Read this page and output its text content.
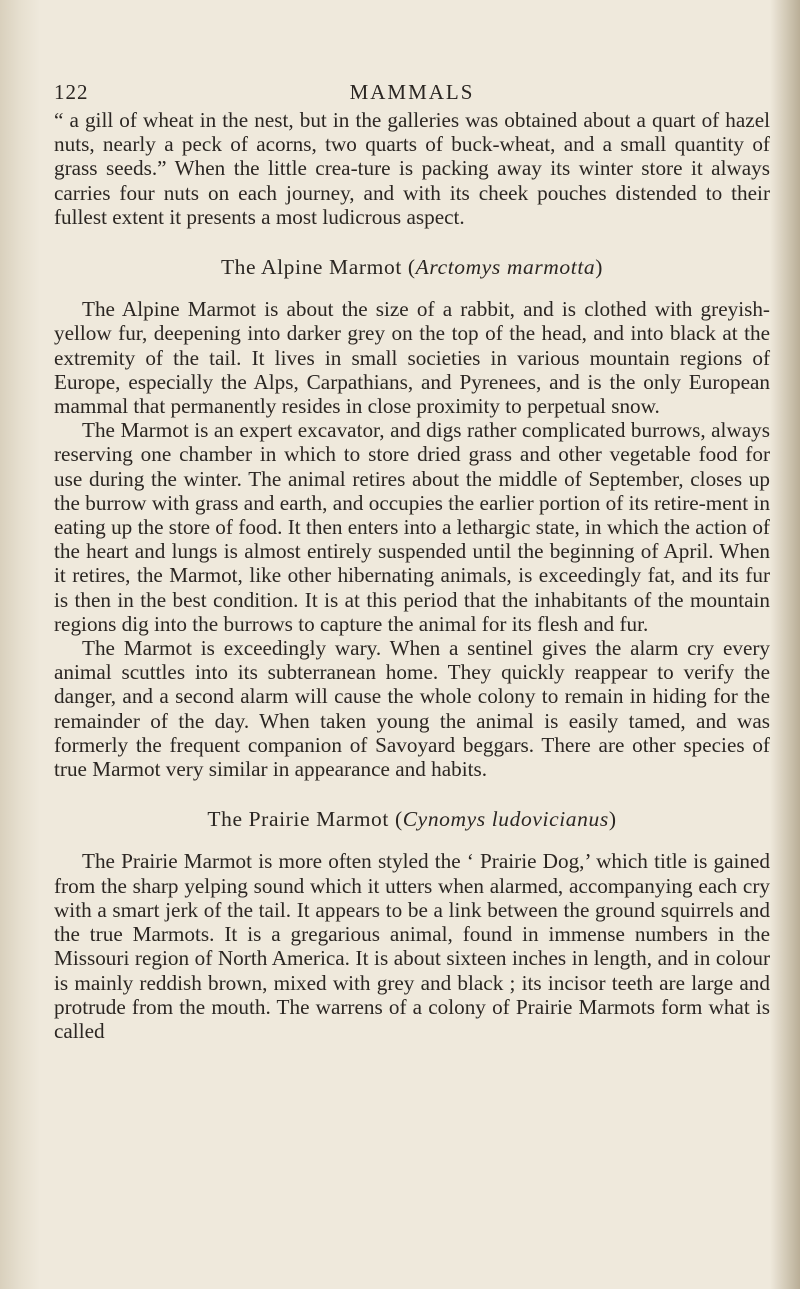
122	MAMMALS

“ a gill of wheat in the nest, but in the galleries was obtained about a quart of hazel nuts, nearly a peck of acorns, two quarts of buck-wheat, and a small quantity of grass seeds.” When the little crea-ture is packing away its winter store it always carries four nuts on each journey, and with its cheek pouches distended to their fullest extent it presents a most ludicrous aspect.

The Alpine Marmot (Arctomys marmotta)

The Alpine Marmot is about the size of a rabbit, and is clothed with greyish-yellow fur, deepening into darker grey on the top of the head, and into black at the extremity of the tail. It lives in small societies in various mountain regions of Europe, especially the Alps, Carpathians, and Pyrenees, and is the only European mammal that permanently resides in close proximity to perpetual snow.

The Marmot is an expert excavator, and digs rather complicated burrows, always reserving one chamber in which to store dried grass and other vegetable food for use during the winter. The animal retires about the middle of September, closes up the burrow with grass and earth, and occupies the earlier portion of its retire-ment in eating up the store of food. It then enters into a lethargic state, in which the action of the heart and lungs is almost entirely suspended until the beginning of April. When it retires, the Marmot, like other hibernating animals, is exceedingly fat, and its fur is then in the best condition. It is at this period that the inhabitants of the mountain regions dig into the burrows to capture the animal for its flesh and fur.

The Marmot is exceedingly wary. When a sentinel gives the alarm cry every animal scuttles into its subterranean home. They quickly reappear to verify the danger, and a second alarm will cause the whole colony to remain in hiding for the remainder of the day. When taken young the animal is easily tamed, and was formerly the frequent companion of Savoyard beggars. There are other species of true Marmot very similar in appearance and habits.

The Prairie Marmot (Cynomys ludovicianus)

The Prairie Marmot is more often styled the ‘ Prairie Dog,’ which title is gained from the sharp yelping sound which it utters when alarmed, accompanying each cry with a smart jerk of the tail. It appears to be a link between the ground squirrels and the true Marmots. It is a gregarious animal, found in immense numbers in the Missouri region of North America. It is about sixteen inches in length, and in colour is mainly reddish brown, mixed with grey and black ; its incisor teeth are large and protrude from the mouth. The warrens of a colony of Prairie Marmots form what is called
